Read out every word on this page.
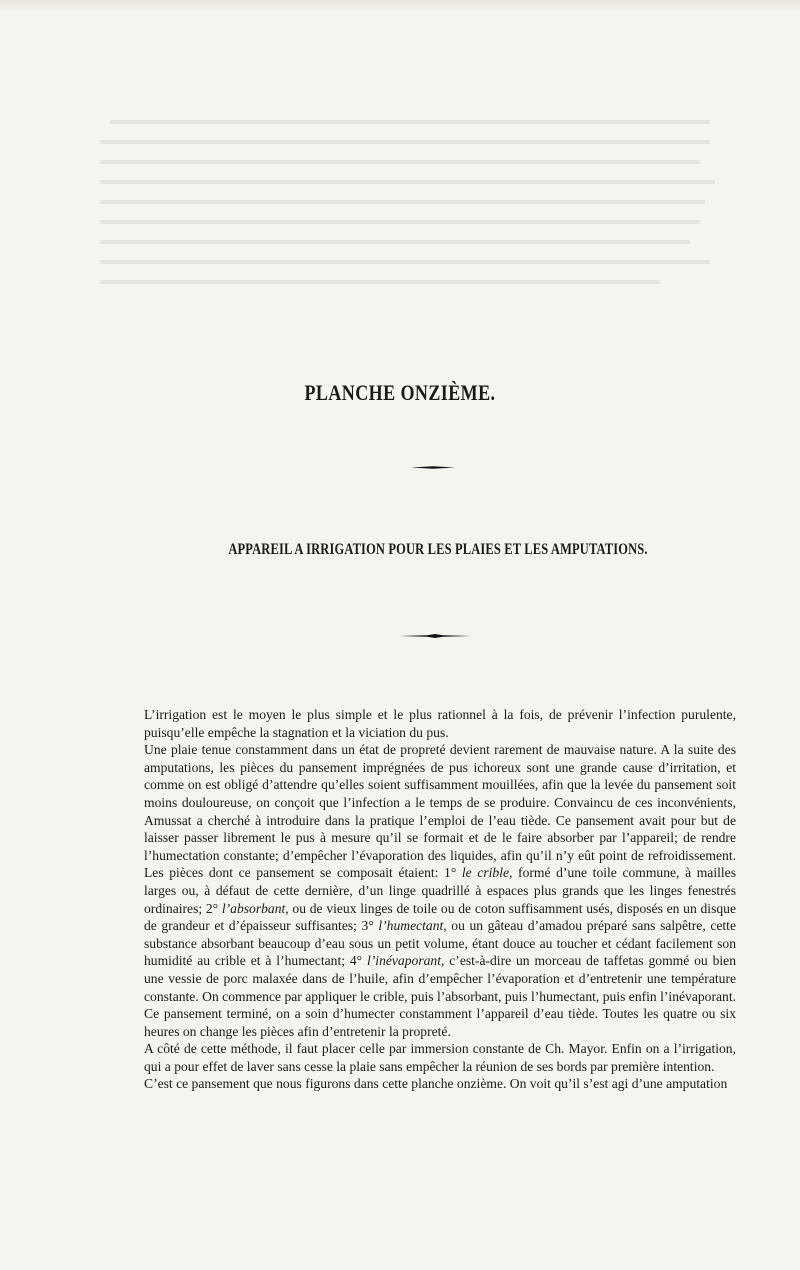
PLANCHE ONZIÈME.
APPAREIL A IRRIGATION POUR LES PLAIES ET LES AMPUTATIONS.

L’irrigation est le moyen le plus simple et le plus rationnel à la fois, de prévenir l’infection purulente, puisqu’elle empêche la stagnation et la viciation du pus.

Une plaie tenue constamment dans un état de propreté devient rarement de mauvaise nature. A la suite des amputations, les pièces du pansement imprégnées de pus ichoreux sont une grande cause d’irritation, et comme on est obligé d’attendre qu’elles soient suffisamment mouillées, afin que la levée du pansement soit moins douloureuse, on conçoit que l’infection a le temps de se produire. Convaincu de ces inconvénients, Amussat a cherché à introduire dans la pratique l’emploi de l’eau tiède. Ce pansement avait pour but de laisser passer librement le pus à mesure qu’il se formait et de le faire absorber par l’appareil; de rendre l’humectation constante; d’empêcher l’évaporation des liquides, afin qu’il n’y eût point de refroidissement. Les pièces dont ce pansement se composait étaient: 1° le crible, formé d’une toile commune, à mailles larges ou, à défaut de cette dernière, d’un linge quadrillé à espaces plus grands que les linges fenestrés ordinaires; 2° l’absorbant, ou de vieux linges de toile ou de coton suffisamment usés, disposés en un disque de grandeur et d’épaisseur suffisantes; 3° l’humectant, ou un gâteau d’amadou préparé sans salpêtre, cette substance absorbant beaucoup d’eau sous un petit volume, étant douce au toucher et cédant facilement son humidité au crible et à l’humectant; 4° l’inévaporant, c’est-à-dire un morceau de taffetas gommé ou bien une vessie de porc malaxée dans de l’huile, afin d’empêcher l’évaporation et d’entretenir une température constante. On commence par appliquer le crible, puis l’absorbant, puis l’humectant, puis enfin l’inévaporant. Ce pansement terminé, on a soin d’humecter constamment l’appareil d’eau tiède. Toutes les quatre ou six heures on change les pièces afin d’entretenir la propreté.

A côté de cette méthode, il faut placer celle par immersion constante de Ch. Mayor. Enfin on a l’irrigation, qui a pour effet de laver sans cesse la plaie sans empêcher la réunion de ses bords par première intention.

C’est ce pansement que nous figurons dans cette planche onzième. On voit qu’il s’est agi d’une amputation
